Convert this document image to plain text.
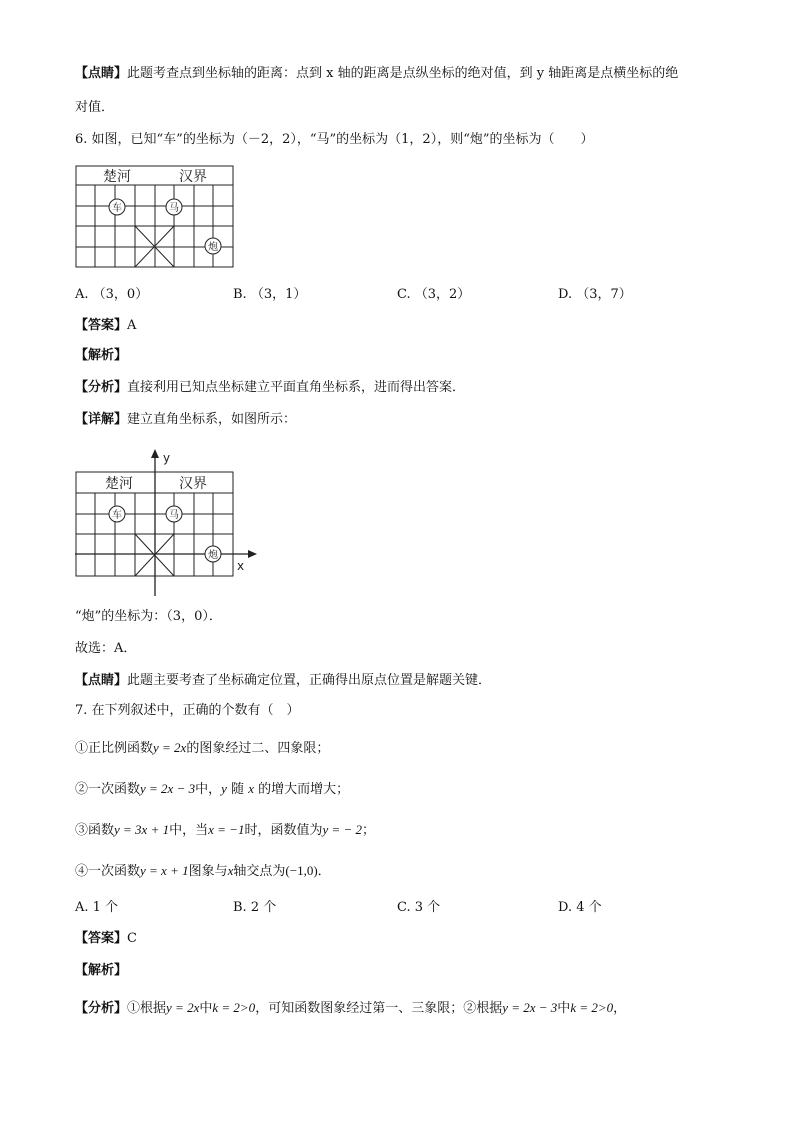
【点睛】此题考查点到坐标轴的距离：点到 x 轴的距离是点纵坐标的绝对值，到 y 轴距离是点横坐标的绝
对值．
6. 如图，已知“车”的坐标为（－2，2），“马”的坐标为（1，2），则“炮”的坐标为（　　）
楚河	汉界
车	马
炮
A. （3，0）	B. （3，1）	C. （3，2）	D. （3，7）
【答案】A
【解析】
【分析】直接利用已知点坐标建立平面直角坐标系，进而得出答案．
【详解】建立直角坐标系，如图所示：
y
x
楚河	汉界
车	马
炮
“炮”的坐标为：（3，0）．
故选：A．
【点睛】此题主要考查了坐标确定位置，正确得出原点位置是解题关键．
7. 在下列叙述中，正确的个数有（　）
①正比例函数y = 2x的图象经过二、四象限；
②一次函数y = 2x − 3中，y 随 x 的增大而增大；
③函数y = 3x + 1中，当x = −1时，函数值为y = − 2；
④一次函数y = x + 1图象与x轴交点为(−1,0)．
A. 1 个	B. 2 个	C. 3 个	D. 4 个
【答案】C
【解析】
【分析】①根据y = 2x中k = 2>0，可知函数图象经过第一、三象限；②根据y = 2x − 3中k = 2>0，
